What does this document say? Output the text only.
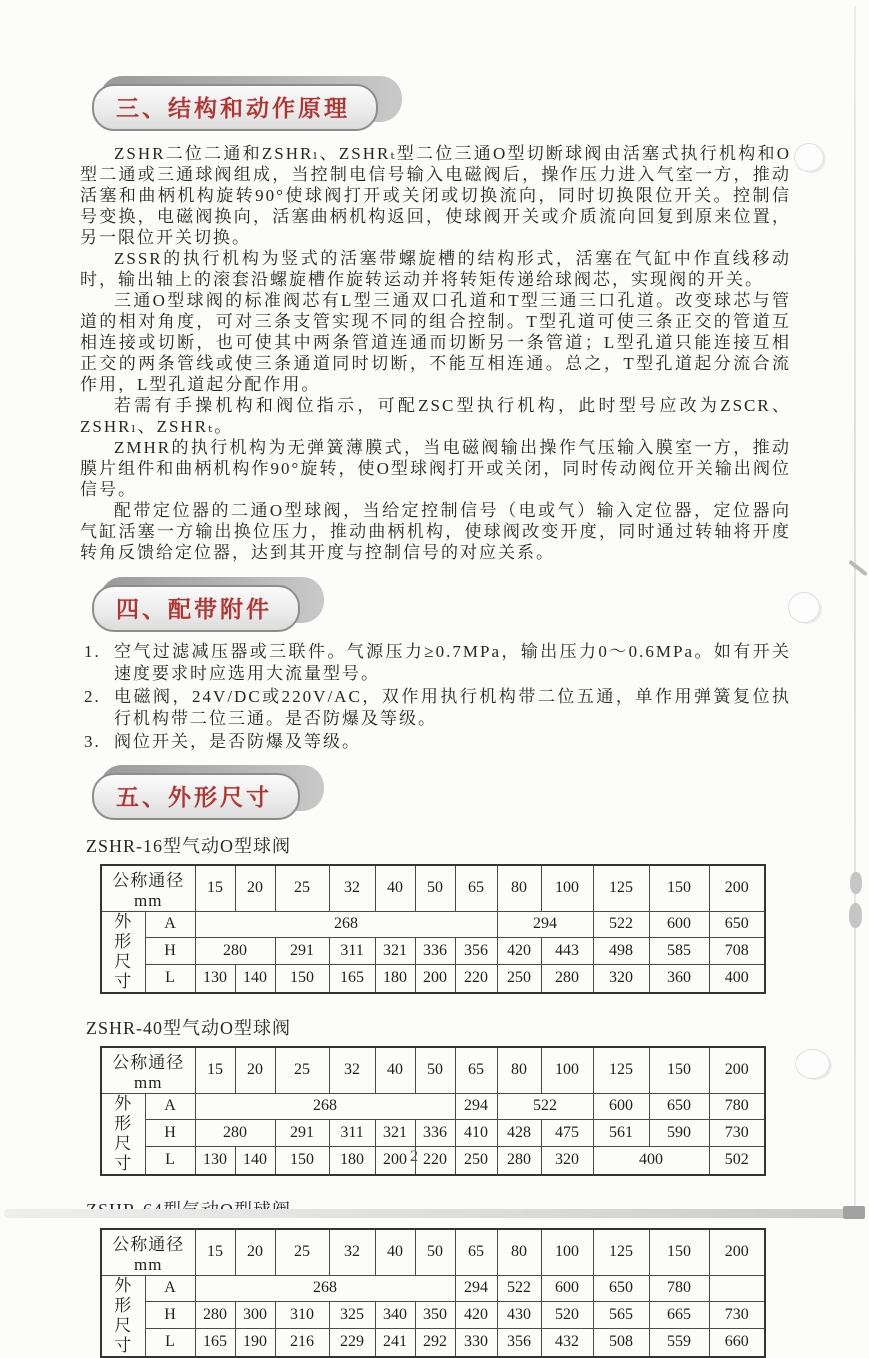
三、结构和动作原理

ZSHR二位二通和ZSHRₗ、ZSHRₜ型二位三通O型切断球阀由活塞式执行机构和O型二通或三通球阀组成，当控制电信号输入电磁阀后，操作压力进入气室一方，推动活塞和曲柄机构旋转90°使球阀打开或关闭或切换流向，同时切换限位开关。控制信号变换，电磁阀换向，活塞曲柄机构返回，使球阀开关或介质流向回复到原来位置，另一限位开关切换。

ZSSR的执行机构为竖式的活塞带螺旋槽的结构形式，活塞在气缸中作直线移动时，输出轴上的滚套沿螺旋槽作旋转运动并将转矩传递给球阀芯，实现阀的开关。

三通O型球阀的标准阀芯有L型三通双口孔道和T型三通三口孔道。改变球芯与管道的相对角度，可对三条支管实现不同的组合控制。T型孔道可使三条正交的管道互相连接或切断，也可使其中两条管道连通而切断另一条管道；L型孔道只能连接互相正交的两条管线或使三条通道同时切断，不能互相连通。总之，T型孔道起分流合流作用，L型孔道起分配作用。

若需有手操机构和阀位指示，可配ZSC型执行机构，此时型号应改为ZSCR、ZSHRₗ、ZSHRₜ。

ZMHR的执行机构为无弹簧薄膜式，当电磁阀输出操作气压输入膜室一方，推动膜片组件和曲柄机构作90°旋转，使O型球阀打开或关闭，同时传动阀位开关输出阀位信号。

配带定位器的二通O型球阀，当给定控制信号（电或气）输入定位器，定位器向气缸活塞一方输出换位压力，推动曲柄机构，使球阀改变开度，同时通过转轴将开度转角反馈给定位器，达到其开度与控制信号的对应关系。

四、配带附件
1. 空气过滤减压器或三联件。气源压力≥0.7MPa，输出压力0～0.6MPa。如有开关速度要求时应选用大流量型号。
2. 电磁阀，24V/DC或220V/AC，双作用执行机构带二位五通，单作用弹簧复位执行机构带二位三通。是否防爆及等级。
3. 阀位开关，是否防爆及等级。
五、外形尺寸
ZSHR-16型气动O型球阀
公称通径mm		15	20	25	32	40	50	65	80	100	125	150	200
外形尺寸	A	268							294		522	600	650
	H	280		291	311	321	336	356	420	443	498	585	708
	L	130	140	150	165	180	200	220	250	280	320	360	400
ZSHR-40型气动O型球阀
公称通径mm		15	20	25	32	40	50	65	80	100	125	150	200
外形尺寸	A	268						294	522		600	650	780
	H	280		291	311	321	336	410	428	475	561	590	730
	L	130	140	150	180	200	220	250	280	320	400		502
公称通径mm		15	20	25	32	40	50	65	80	100	125	150	200
外形尺寸	A	268						294	522	600	650	780	
	H	280	300	310	325	340	350	420	430	520	565	665	730
	L	165	190	216	229	241	292	330	356	432	508	559	660
2
